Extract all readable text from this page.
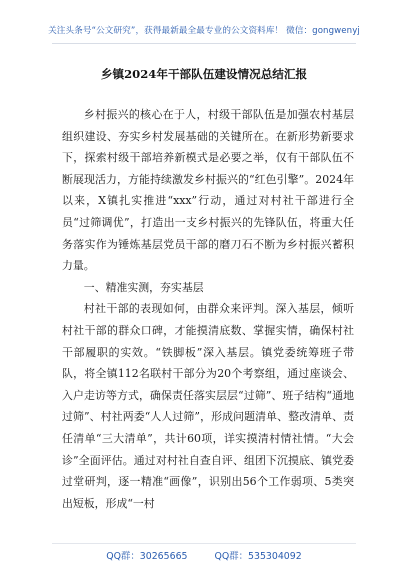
关注头条号“公文研究”，获得最新最全最专业的公文资料库！ 微信：gongwenyj
乡镇2024年干部队伍建设情况总结汇报

乡村振兴的核心在于人，村级干部队伍是加强农村基层组织建设、夯实乡村发展基础的关键所在。在新形势新要求下，探索村级干部培养新模式是必要之举，仅有干部队伍不断展现活力，方能持续激发乡村振兴的“红色引擎”。2024年以来，X镇扎实推进“xxx”行动，通过对村社干部进行全员“过筛调优”，打造出一支乡村振兴的先锋队伍，将重大任务落实作为锤炼基层党员干部的磨刀石不断为乡村振兴蓄积力量。

一、精准实测，夯实基层

村社干部的表现如何，由群众来评判。深入基层，倾听村社干部的群众口碑，才能摸清底数、掌握实情，确保村社干部履职的实效。“铁脚板”深入基层。镇党委统筹班子带队，将全镇112名联村干部分为20个考察组，通过座谈会、入户走访等方式，确保责任落实层层“过筛”、班子结构“通地过筛”、村社两委“人人过筛”，形成问题清单、整改清单、责任清单“三大清单”，共计60项，详实摸清村情社情。“大会诊”全面评估。通过对村社自查自评、组团下沉摸底、镇党委过堂研判，逐一精准“画像”，识别出56个工作弱项、5类突出短板，形成“一村

QQ群：30265665	QQ群：535304092
